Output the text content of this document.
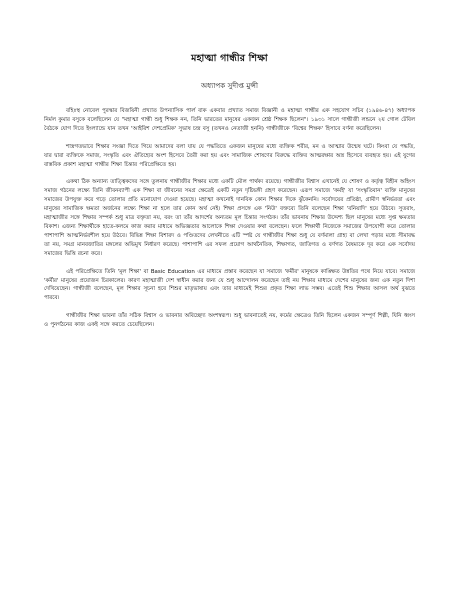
মহাত্মা গান্ধীর শিক্ষা
অধ্যাপক সুদীপ্ত মুন্সী

বহিঃস্থ নোবেল পুরস্কার বিজয়িনী প্রখ্যাত উপন্যাসিক পার্ল বাক একবার প্রখ্যাত সমাজ বিজ্ঞানী ও মহাত্মা গান্ধীর এক সহযোগ সচিব (১৯৪৬-৪৭) অধ্যাপক নির্মল কুমার বসুকে বলেছিলেন যে "মহাত্মা গান্ধী শুধু শিক্ষক নন, তিনি ভারতের মানুষের একজন শ্রেষ্ঠ শিক্ষক ছিলেন"। ১৯৩১ সালে গান্ধীজী লন্ডনে ২য় গোল টেবিল বৈঠকে যোগ দিতে ইংল্যান্ডে যান তখন 'আইরিশ দেশপ্রেমিক' সুভাষ চন্দ্র বসু (তখনও নেতাজী হননি) গান্ধীজীকে 'বিশ্বের শিক্ষক' হিসাবে বর্ণনা করেছিলেন।

শাস্ত্রগতভাবে শিক্ষার সংজ্ঞা দিতে গিয়ে আমাদের বলা যায় যে পদ্ধতিতে একজন মানুষের মধ্যে ব্যক্তিক শরীর, মন ও আত্মার উন্মেষ ঘটে। কিংবা যে পদ্ধতি, যার দ্বারা ব্যক্তিকে সমাজ, সংস্কৃতি এবং ঐতিহ্যের অংশ হিসেবে তৈরী করা হয় এবং সামাজিক শোষণের বিরুদ্ধে ব্যক্তির আত্মরক্ষার অস্ত্র হিসেবে ব্যবহৃত হয়। এই যুগের বাস্তবিক প্রকাশ মহাত্মা গান্ধীর শিক্ষা চিন্তার পরিপ্রেক্ষিতে হয়।

একথা ঠিক অন্যান্য তাত্ত্বিকদের সঙ্গে তুলনায় গান্ধীজীর শিক্ষার মধ্যে একটি মৌল পার্থক্য রয়েছে। গান্ধীজীর বিশ্বাস এখানেই যে শোষণ ও কর্তৃত্ব বিহীন অহিংস সমাজ গঠনের লক্ষ্যে তিনি জীবনব্যাপী এক শিক্ষা বা জীবনের সমগ্র ক্ষেত্রেই একটি নতুন দৃষ্টিভঙ্গী গ্রহণ করেছেন। এরূপ সমাজে 'কর্মই' যা 'সংস্কৃতিবান' ব্যক্তি মানুষের সমাজের উপযুক্ত করে গড়ে তোলার প্রতি মনোযোগ দেওয়া হয়েছে। মহাত্মা কখনোই দানবিক কোন শিক্ষার দিকে ঝুঁকেননি। সর্বোদয়ের প্রতিষ্ঠা, গ্রামীণ স্বনির্ভরতা এবং মানুষের সামাজিক ক্ষমতা অর্জনের লক্ষ্যে শিক্ষা না হলে তার কোন অর্থ নেই। শিক্ষা প্রসঙ্গে এক 'নিউ' বক্তব্যে তিনি বলেছেন শিক্ষা 'বনিয়াদি' হয়ে উঠবে। সুতরাং, মহাত্মাজীর সঙ্গে শিক্ষার সম্পর্ক শুধু মাত্র বক্তৃতা নয়, বরং তা তাঁর আদর্শের অন্যতম মূল চিন্তার সংগঠক। তাঁর ভাবনায় শিক্ষার উদ্দেশ্য ছিল মানুষের মধ্যে সুপ্ত ক্ষমতার বিকাশ। এজন্য শিক্ষার্থীকে হাতে-কলমে কাজ করার মাধ্যমে অভিজ্ঞতার আলোকে শিক্ষা দেওয়ার কথা বলেছেন। ফলে শিক্ষার্থী নিজেকে সমাজের উপযোগী করে তোলার পাশাপাশি আত্মনির্ভরশীল হয়ে উঠবে। বিভিন্ন শিক্ষা বিশারদ ও পণ্ডিতদের লেখনীতে এটি স্পষ্ট যে গান্ধীজীর শিক্ষা শুধু যে বর্ণমালা গ্রাহ্য বা লেখা পড়ার মধ্যে সীমাবদ্ধ তা নয়, সমগ্র মানবজাতির মঙ্গলের অভিমুখ নির্ধারণ করেছে। পাশাপাশি এর সফল প্রয়োগ আর্থনৈতিক, শিক্ষাগত, জাতিগত ও বর্ণগত বৈষম্যকে দূর করে এক সর্বোদয় সমাজের ভিত্তি রচনা করে।

এই পরিপ্রেক্ষিতে তিনি 'মূল শিক্ষা' বা Basic Education এর মাধ্যমে প্রস্তাব করেছেন যা সমাজে 'কর্মীর' মানুষকে কাঙ্ক্ষিত উন্নতির পথে নিয়ে যাবে। সমাজে 'কর্মীর' মানুষের প্রয়োজন চিরকালের। কারণ মহাত্মাজী দেশ স্বাধীন করার জন্য যে শুধু আন্দোলন করেছেন তাই নয় শিক্ষার মাধ্যমে দেশের মানুষের জন্য এক নতুন দিশা দেখিয়েছেন। গান্ধীজী বলেছেন, মূল শিক্ষার সূচনা হবে শিশুর মাতৃভাষায় এবং তার মাধ্যমেই শিশুর প্রকৃত শিক্ষা লাভ সম্ভব। এতেই শিশু শিক্ষার আসল অর্থ বুঝতে পারবে।

গান্ধীজীর শিক্ষা ভাবনা তাঁর সঠিক বিশ্বাস ও ভাবনার অবিচ্ছেদ্য অংশস্বরূপ। শুধু ভাবনাতেই নয়, কর্মের ক্ষেত্রেও তিনি ছিলেন একজন সম্পূর্ণ শিল্পী, যিনি ধ্বংস ও পুনর্গঠনের কাজ একই সঙ্গে করতে চেয়েছিলেন।
